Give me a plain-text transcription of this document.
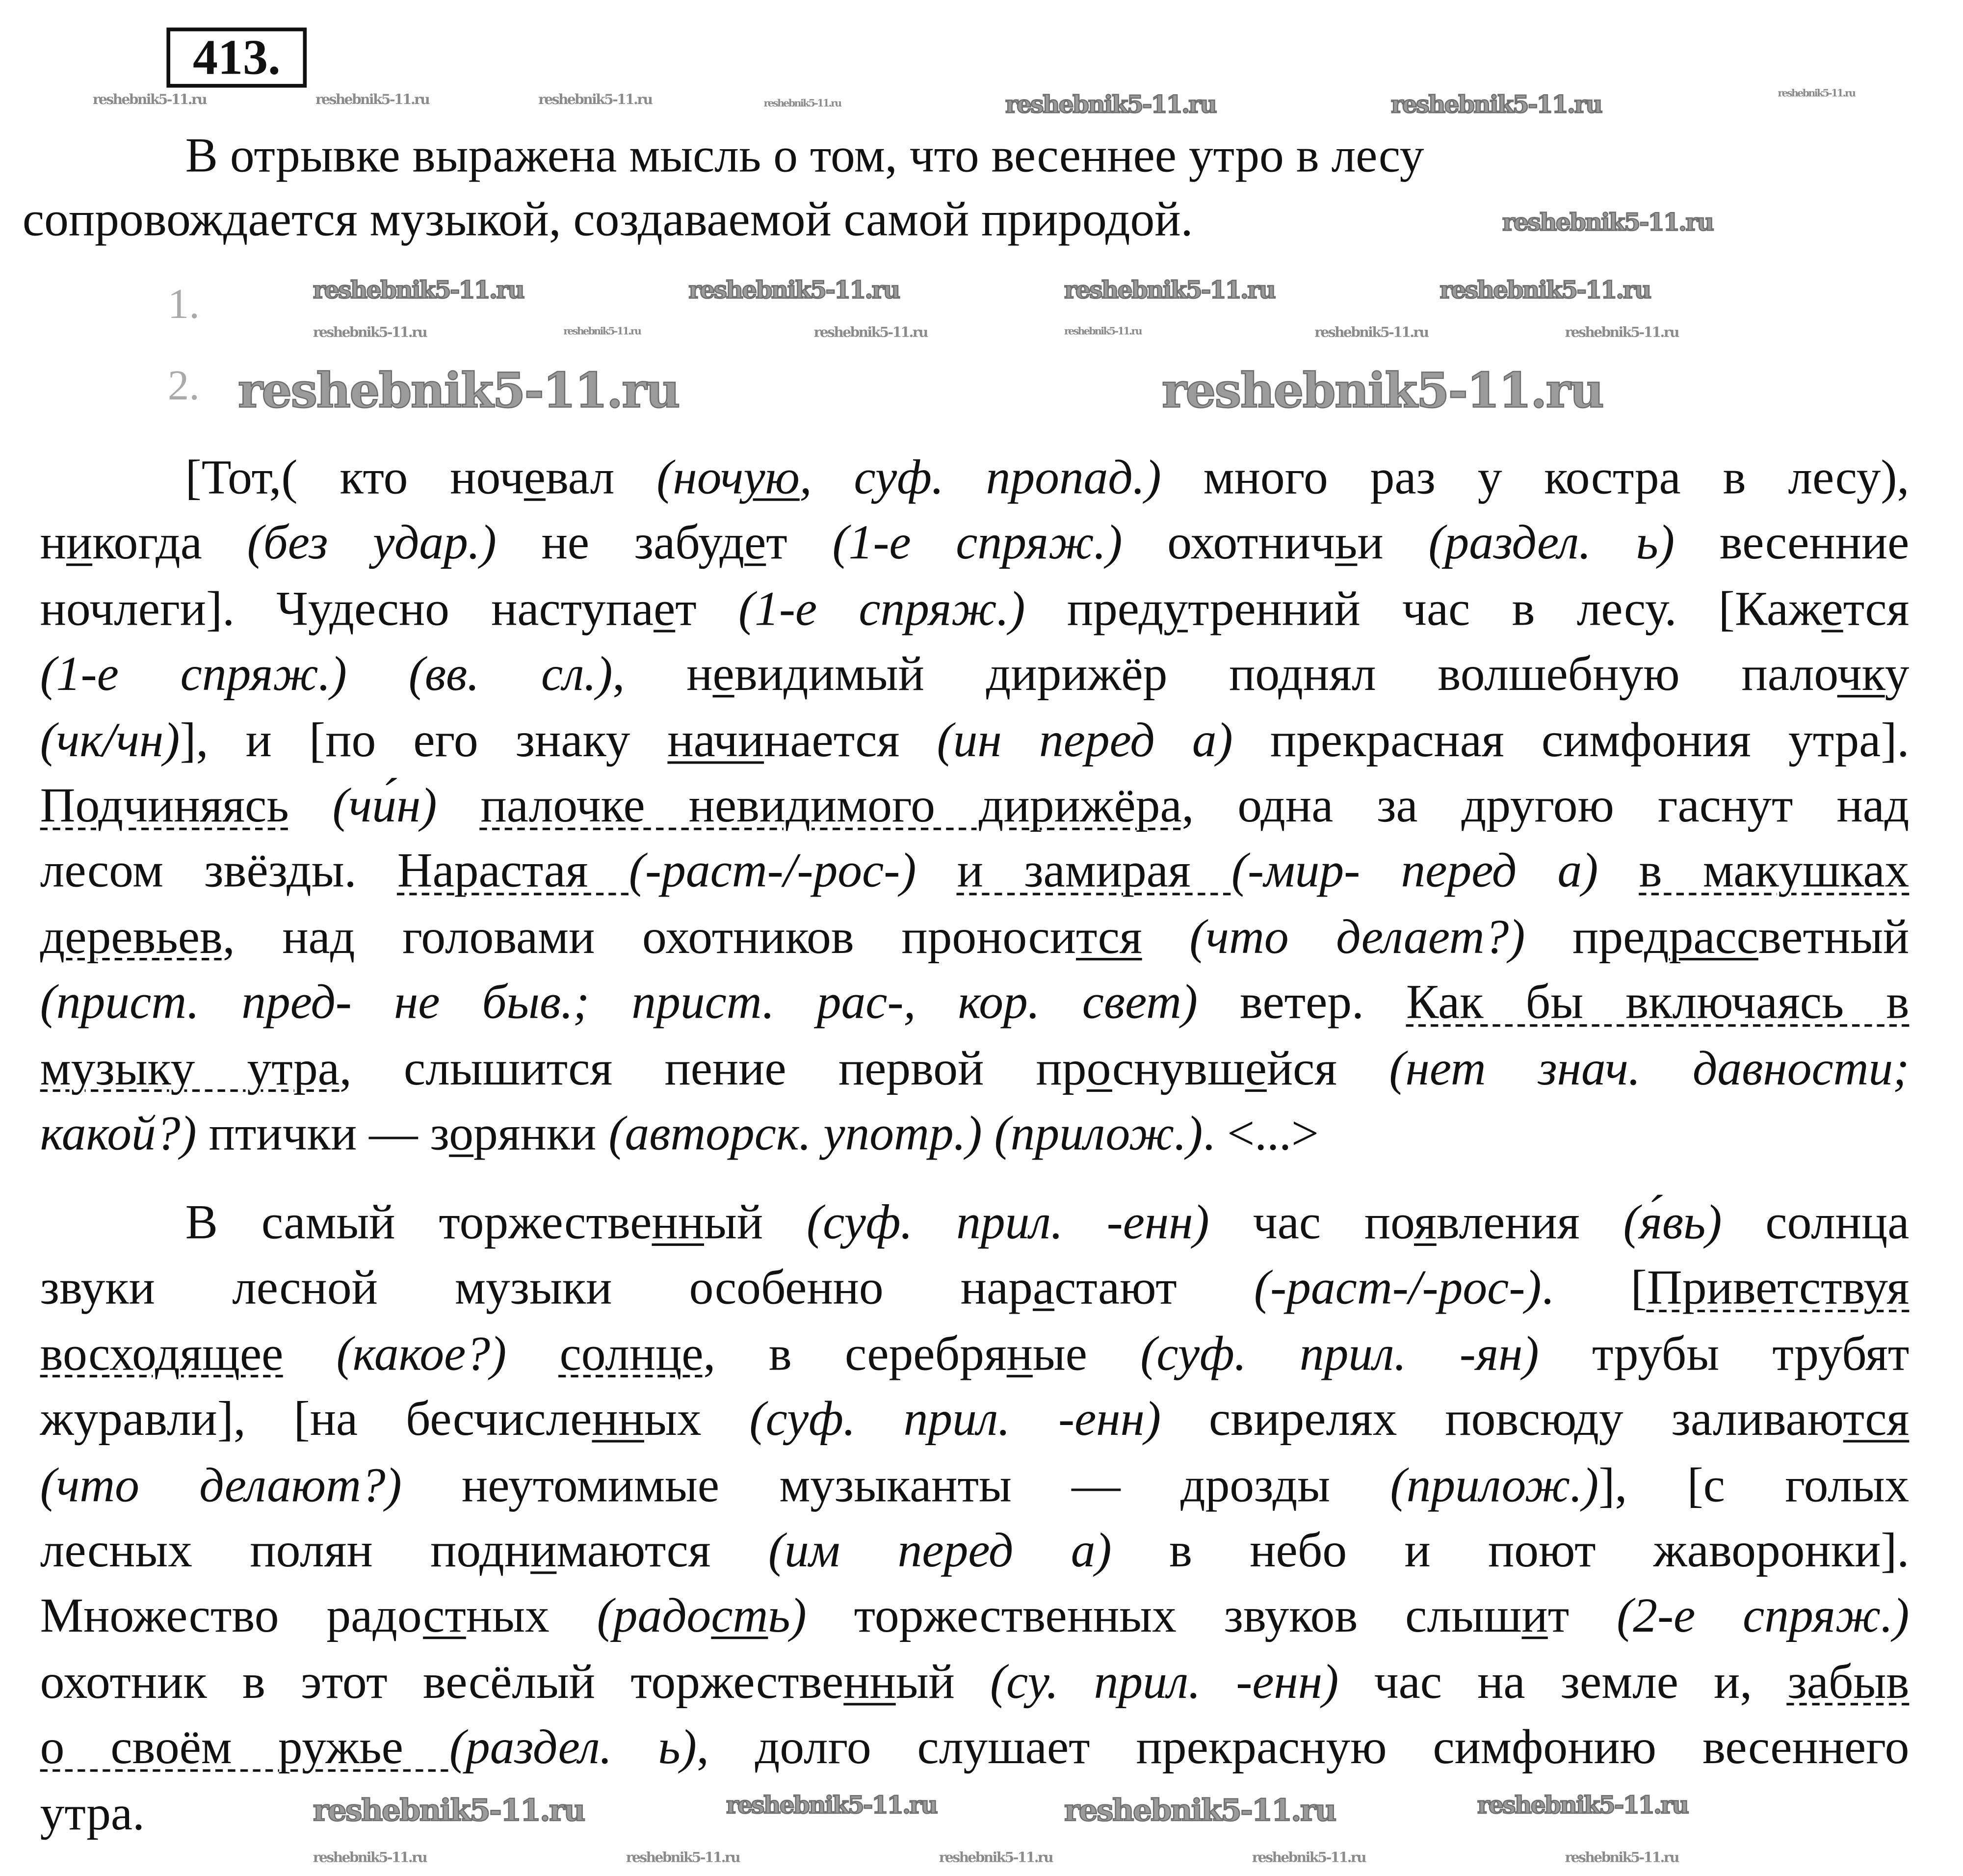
413.
reshebnik5-11.ru	reshebnik5-11.ru	reshebnik5-11.ru	reshebnik5-11.ru	reshebnik5-11.ru	reshebnik5-11.ru	reshebnik5-11.ru
reshebnik5-11.ru
reshebnik5-11.ru	reshebnik5-11.ru	reshebnik5-11.ru	reshebnik5-11.ru
reshebnik5-11.ru	reshebnik5-11.ru	reshebnik5-11.ru	reshebnik5-11.ru	reshebnik5-11.ru	reshebnik5-11.ru
reshebnik5-11.ru	reshebnik5-11.ru
reshebnik5-11.ru	reshebnik5-11.ru	reshebnik5-11.ru	reshebnik5-11.ru
reshebnik5-11.ru	reshebnik5-11.ru	reshebnik5-11.ru	reshebnik5-11.ru	reshebnik5-11.ru
В отрывке выражена мысль о том, что весеннее утро в лесу
сопровождается музыкой, создаваемой самой природой.
1.
2.
[Тот,( кто ночевал (ночую, суф. пропад.) много раз у костра в лесу),
никогда (без удар.) не забудет (1-е спряж.) охотничьи (раздел. ь) весенние
ночлеги]. Чудесно наступает (1-е спряж.) предутренний час в лесу. [Кажется
(1-е спряж.) (вв. сл.), невидимый дирижёр поднял волшебную палочку
(чк/чн)], и [по его знаку начинается (ин перед а) прекрасная симфония утра].
Подчиняясь (чи́н) палочке невидимого дирижёра, одна за другою гаснут над
лесом звёзды. Нарастая (-раст-/-рос-) и замирая (-мир- перед а) в макушках
деревьев, над головами охотников проносится (что делает?) предрассветный
(прист. пред- не быв.; прист. рас-, кор. свет) ветер. Как бы включаясь в
музыку утра, слышится пение первой проснувшейся (нет знач. давности;
какой?) птички — зорянки (авторск. употр.) (прилож.). <...>
В самый торжественный (суф. прил. -енн) час появления (я́вь) солнца
звуки лесной музыки особенно нарастают (-раст-/-рос-). [Приветствуя
восходящее	(какое?)	солнце, в серебряные (суф. прил. -ян) трубы трубят
журавли], [на бесчисленных (суф. прил. -енн) свирелях повсюду заливаются
(что делают?) неутомимые музыканты — дрозды (прилож.)], [с голых
лесных полян поднимаются (им перед а) в небо и поют жаворонки].
Множество радостных (радость) торжественных звуков слышит (2-е спряж.)
охотник в этот весёлый торжественный (су. прил. -енн) час на земле и, забыв
о своём ружье (раздел. ь), долго слушает прекрасную симфонию весеннего
утра.
